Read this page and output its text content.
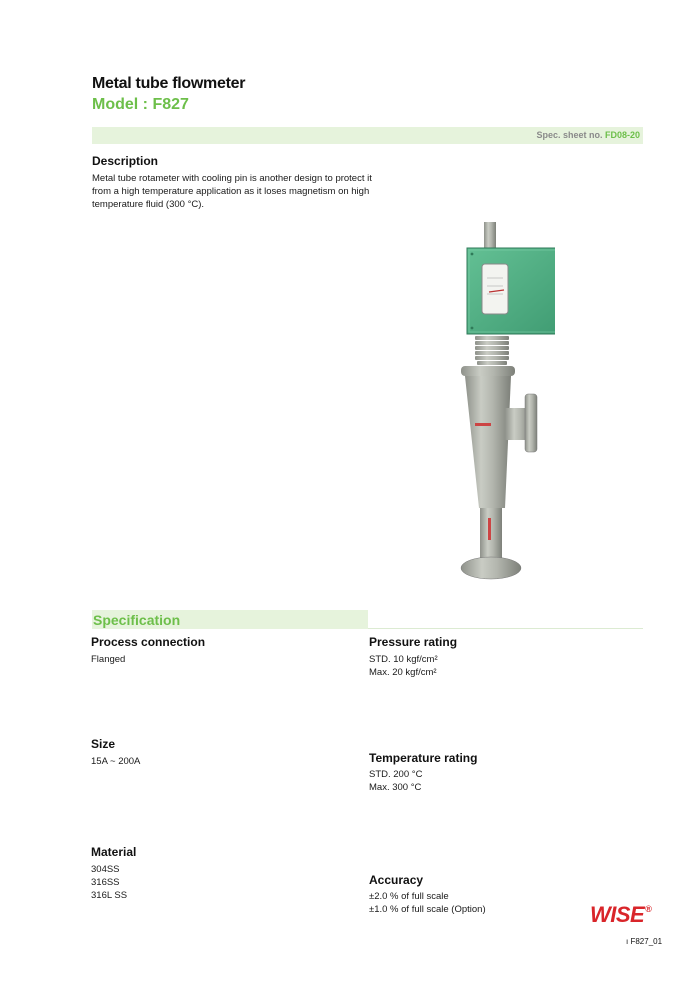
Metal tube flowmeter
Model : F827
Spec. sheet no. FD08-20
Description
Metal tube rotameter with cooling pin is another design to protect it from a high temperature application as it loses magnetism on high temperature fluid (300 °C).
Specification
Process connection
Flanged
Size
15A ~ 200A
Material
304SS
316SS
316L SS
Pressure rating
STD. 10 kgf/cm²
Max. 20 kgf/cm²
Temperature rating
STD. 200 °C
Max. 300 °C
Accuracy
±2.0 % of full scale
±1.0 % of full scale (Option)	WISE®
ı F827_01
